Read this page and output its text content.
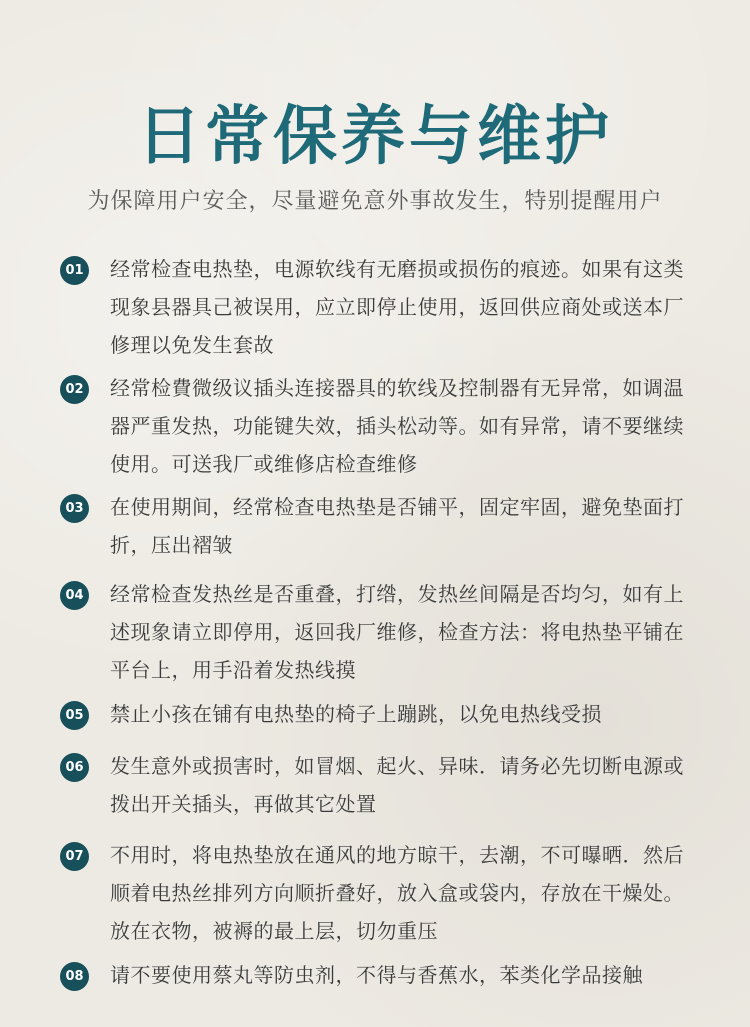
日常保养与维护
为保障用户安全，尽量避免意外事故发生，特别提醒用户
01 经常检查电热垫，电源软线有无磨损或损伤的痕迹。如果有这类现象县器具己被误用，应立即停止使用，返回供应商处或送本厂修理以免发生套故
02 经常检費微级议插头连接器具的软线及控制器有无异常，如调温器严重发热，功能键失效，插头松动等。如有异常，请不要继续使用。可送我厂或维修店检查维修
03 在使用期间，经常检查电热垫是否铺平，固定牢固，避免垫面打折，压出褶皱
04 经常检查发热丝是否重叠，打绺，发热丝间隔是否均匀，如有上述现象请立即停用，返回我厂维修，检查方法：将电热垫平铺在平台上，用手沿着发热线摸
05 禁止小孩在铺有电热垫的椅子上蹦跳，以免电热线受损
06 发生意外或损害时，如冒烟、起火、异味．请务必先切断电源或拨出开关插头，再做其它处置
07 不用时，将电热垫放在通风的地方晾干，去潮，不可曝晒．然后顺着电热丝排列方向顺折叠好，放入盒或袋内，存放在干燥处。放在衣物，被褥的最上层，切勿重压
08 请不要使用蔡丸等防虫剂，不得与香蕉水，苯类化学品接触
